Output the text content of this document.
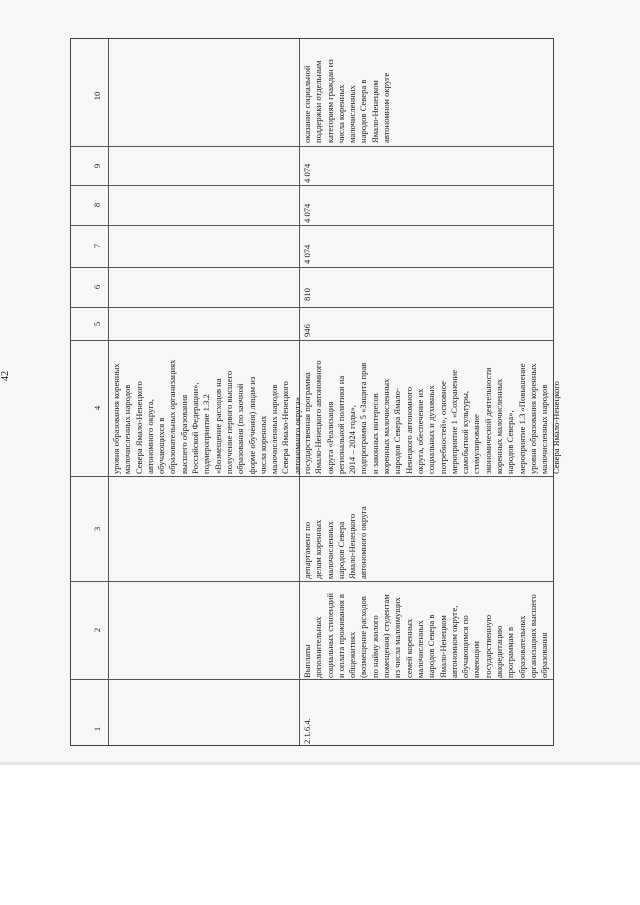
42
1
2
3
4
5
6
7
8
9
10
уровня образования коренных
малочисленных народов
Севера Ямало-Ненецкого
автономного округа,
обучающихся в
образовательных организациях
высшего образования
Российской Федерации»,
подмероприятие 1.3.2
«Возмещение расходов на
получение первого высшего
образования (по заочной
форме обучения) лицам из
числа коренных
малочисленных народов
Севера Ямало-Ненецкого
автономного округа»
2.1.6.4.
Выплаты
дополнительных
социальных стипендий
и оплата проживания в
общежитиях
(возмещение расходов
по найму жилого
помещения) студентам
из числа малоимущих
семей коренных
малочисленных
народов Севера в
Ямало-Ненецком
автономном округе,
обучающимся по
имеющим
государственную
аккредитацию
программам в
образовательных
организациях высшего
образования
департамент по
делам коренных
малочисленных
народов Севера
Ямало-Ненецкого
автономного округа
государственная программа
Ямало-Ненецкого автономного
округа «Реализация
региональной политики на
2014 – 2024 годы»,
подпрограмма 5 «Защита прав
и законных интересов
коренных малочисленных
народов Севера Ямало-
Ненецкого автономного
округа, обеспечение их
социальных и духовных
потребностей», основное
мероприятие 1 «Сохранение
самобытной культуры,
стимулирование
экономической деятельности
коренных малочисленных
народов Севера»,
мероприятие 1.3 «Повышение
уровня образования коренных
малочисленных народов
Севера Ямало-Ненецкого
946
810
4 074
4 074
4 074
оказание социальной
поддержки отдельным
категориям граждан из
числа коренных
малочисленных
народов Севера в
Ямало-Ненецком
автономном округе
